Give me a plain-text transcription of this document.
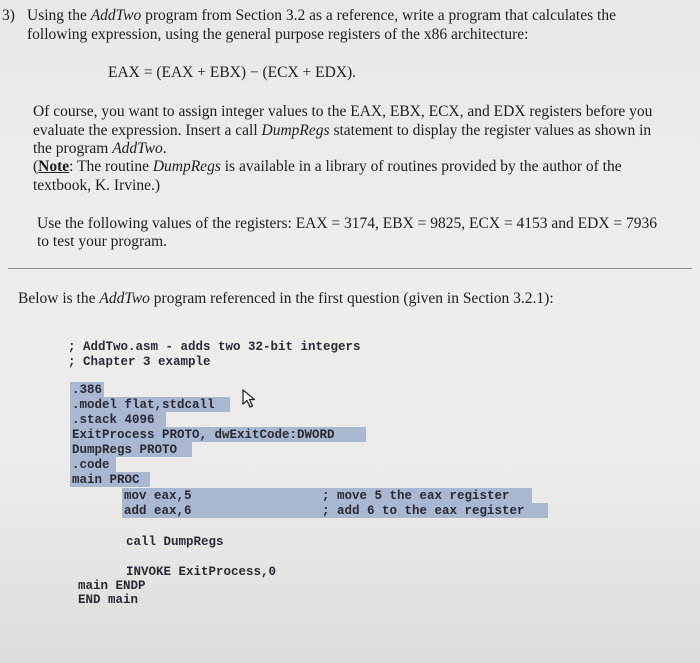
3) Using the AddTwo program from Section 3.2 as a reference, write a program that calculates the
following expression, using the general purpose registers of the x86 architecture:
EAX = (EAX + EBX) − (ECX + EDX).
Of course, you want to assign integer values to the EAX, EBX, ECX, and EDX registers before you
evaluate the expression. Insert a call DumpRegs statement to display the register values as shown in
the program AddTwo.
(Note: The routine DumpRegs is available in a library of routines provided by the author of the
textbook, K. Irvine.)
Use the following values of the registers: EAX = 3174, EBX = 9825, ECX = 4153 and EDX = 7936
to test your program.
Below is the AddTwo program referenced in the first question (given in Section 3.2.1):
; AddTwo.asm - adds two 32-bit integers
; Chapter 3 example
.386
.model flat,stdcall
.stack 4096
ExitProcess PROTO, dwExitCode:DWORD
DumpRegs PROTO
.code
main PROC
mov eax,5
add eax,6
; move 5 the eax register
; add 6 to the eax register
call DumpRegs
INVOKE ExitProcess,0
main ENDP
END main
